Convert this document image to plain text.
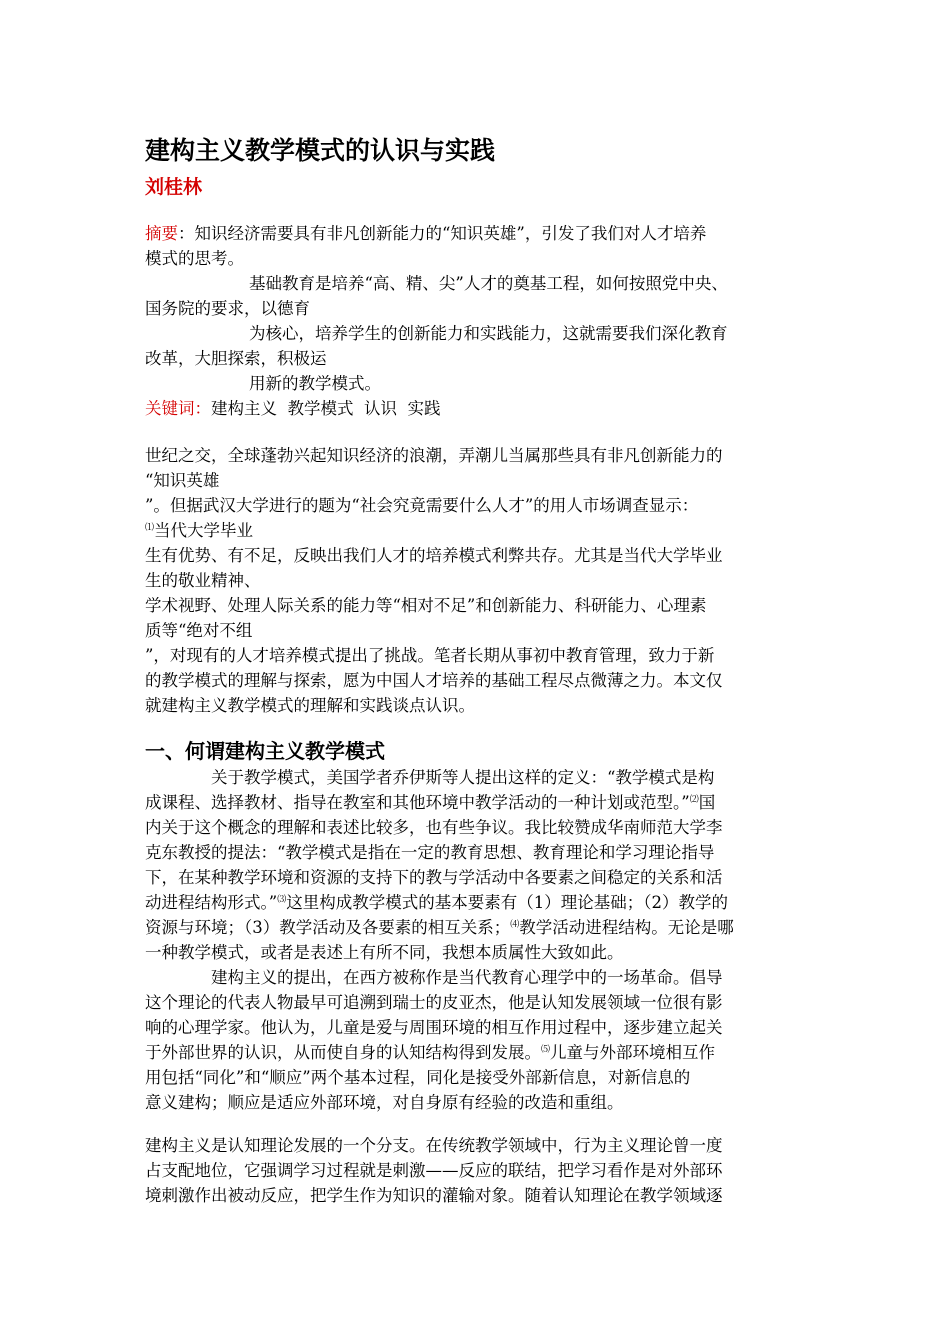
建构主义教学模式的认识与实践
刘桂林
摘要：知识经济需要具有非凡创新能力的“知识英雄”，引发了我们对人才培养
模式的思考。
基础教育是培养“高、精、尖”人才的奠基工程，如何按照党中央、
国务院的要求，以德育
为核心，培养学生的创新能力和实践能力，这就需要我们深化教育
改革，大胆探索，积极运
用新的教学模式。
关键词：建构主义  教学模式  认识  实践
世纪之交，全球蓬勃兴起知识经济的浪潮，弄潮儿当属那些具有非凡创新能力的
“知识英雄
”。但据武汉大学进行的题为“社会究竟需要什么人才”的用人市场调查显示：
⑴当代大学毕业
生有优势、有不足，反映出我们人才的培养模式利弊共存。尤其是当代大学毕业
生的敬业精神、
学术视野、处理人际关系的能力等“相对不足”和创新能力、科研能力、心理素
质等“绝对不组
”，对现有的人才培养模式提出了挑战。笔者长期从事初中教育管理，致力于新
的教学模式的理解与探索，愿为中国人才培养的基础工程尽点微薄之力。本文仅
就建构主义教学模式的理解和实践谈点认识。
一、何谓建构主义教学模式
关于教学模式，美国学者乔伊斯等人提出这样的定义：“教学模式是构
成课程、选择教材、指导在教室和其他环境中教学活动的一种计划或范型。”⑵国
内关于这个概念的理解和表述比较多，也有些争议。我比较赞成华南师范大学李
克东教授的提法：“教学模式是指在一定的教育思想、教育理论和学习理论指导
下，在某种教学环境和资源的支持下的教与学活动中各要素之间稳定的关系和活
动进程结构形式。”⑶这里构成教学模式的基本要素有（1）理论基础；（2）教学的
资源与环境；（3）教学活动及各要素的相互关系；⑷教学活动进程结构。无论是哪
一种教学模式，或者是表述上有所不同，我想本质属性大致如此。
建构主义的提出，在西方被称作是当代教育心理学中的一场革命。倡导
这个理论的代表人物最早可追溯到瑞士的皮亚杰，他是认知发展领域一位很有影
响的心理学家。他认为，儿童是爱与周围环境的相互作用过程中，逐步建立起关
于外部世界的认识，从而使自身的认知结构得到发展。⑸儿童与外部环境相互作
用包括“同化”和“顺应”两个基本过程，同化是接受外部新信息，对新信息的
意义建构；顺应是适应外部环境，对自身原有经验的改造和重组。
建构主义是认知理论发展的一个分支。在传统教学领域中，行为主义理论曾一度
占支配地位，它强调学习过程就是刺激——反应的联结，把学习看作是对外部环
境刺激作出被动反应，把学生作为知识的灌输对象。随着认知理论在教学领域逐
